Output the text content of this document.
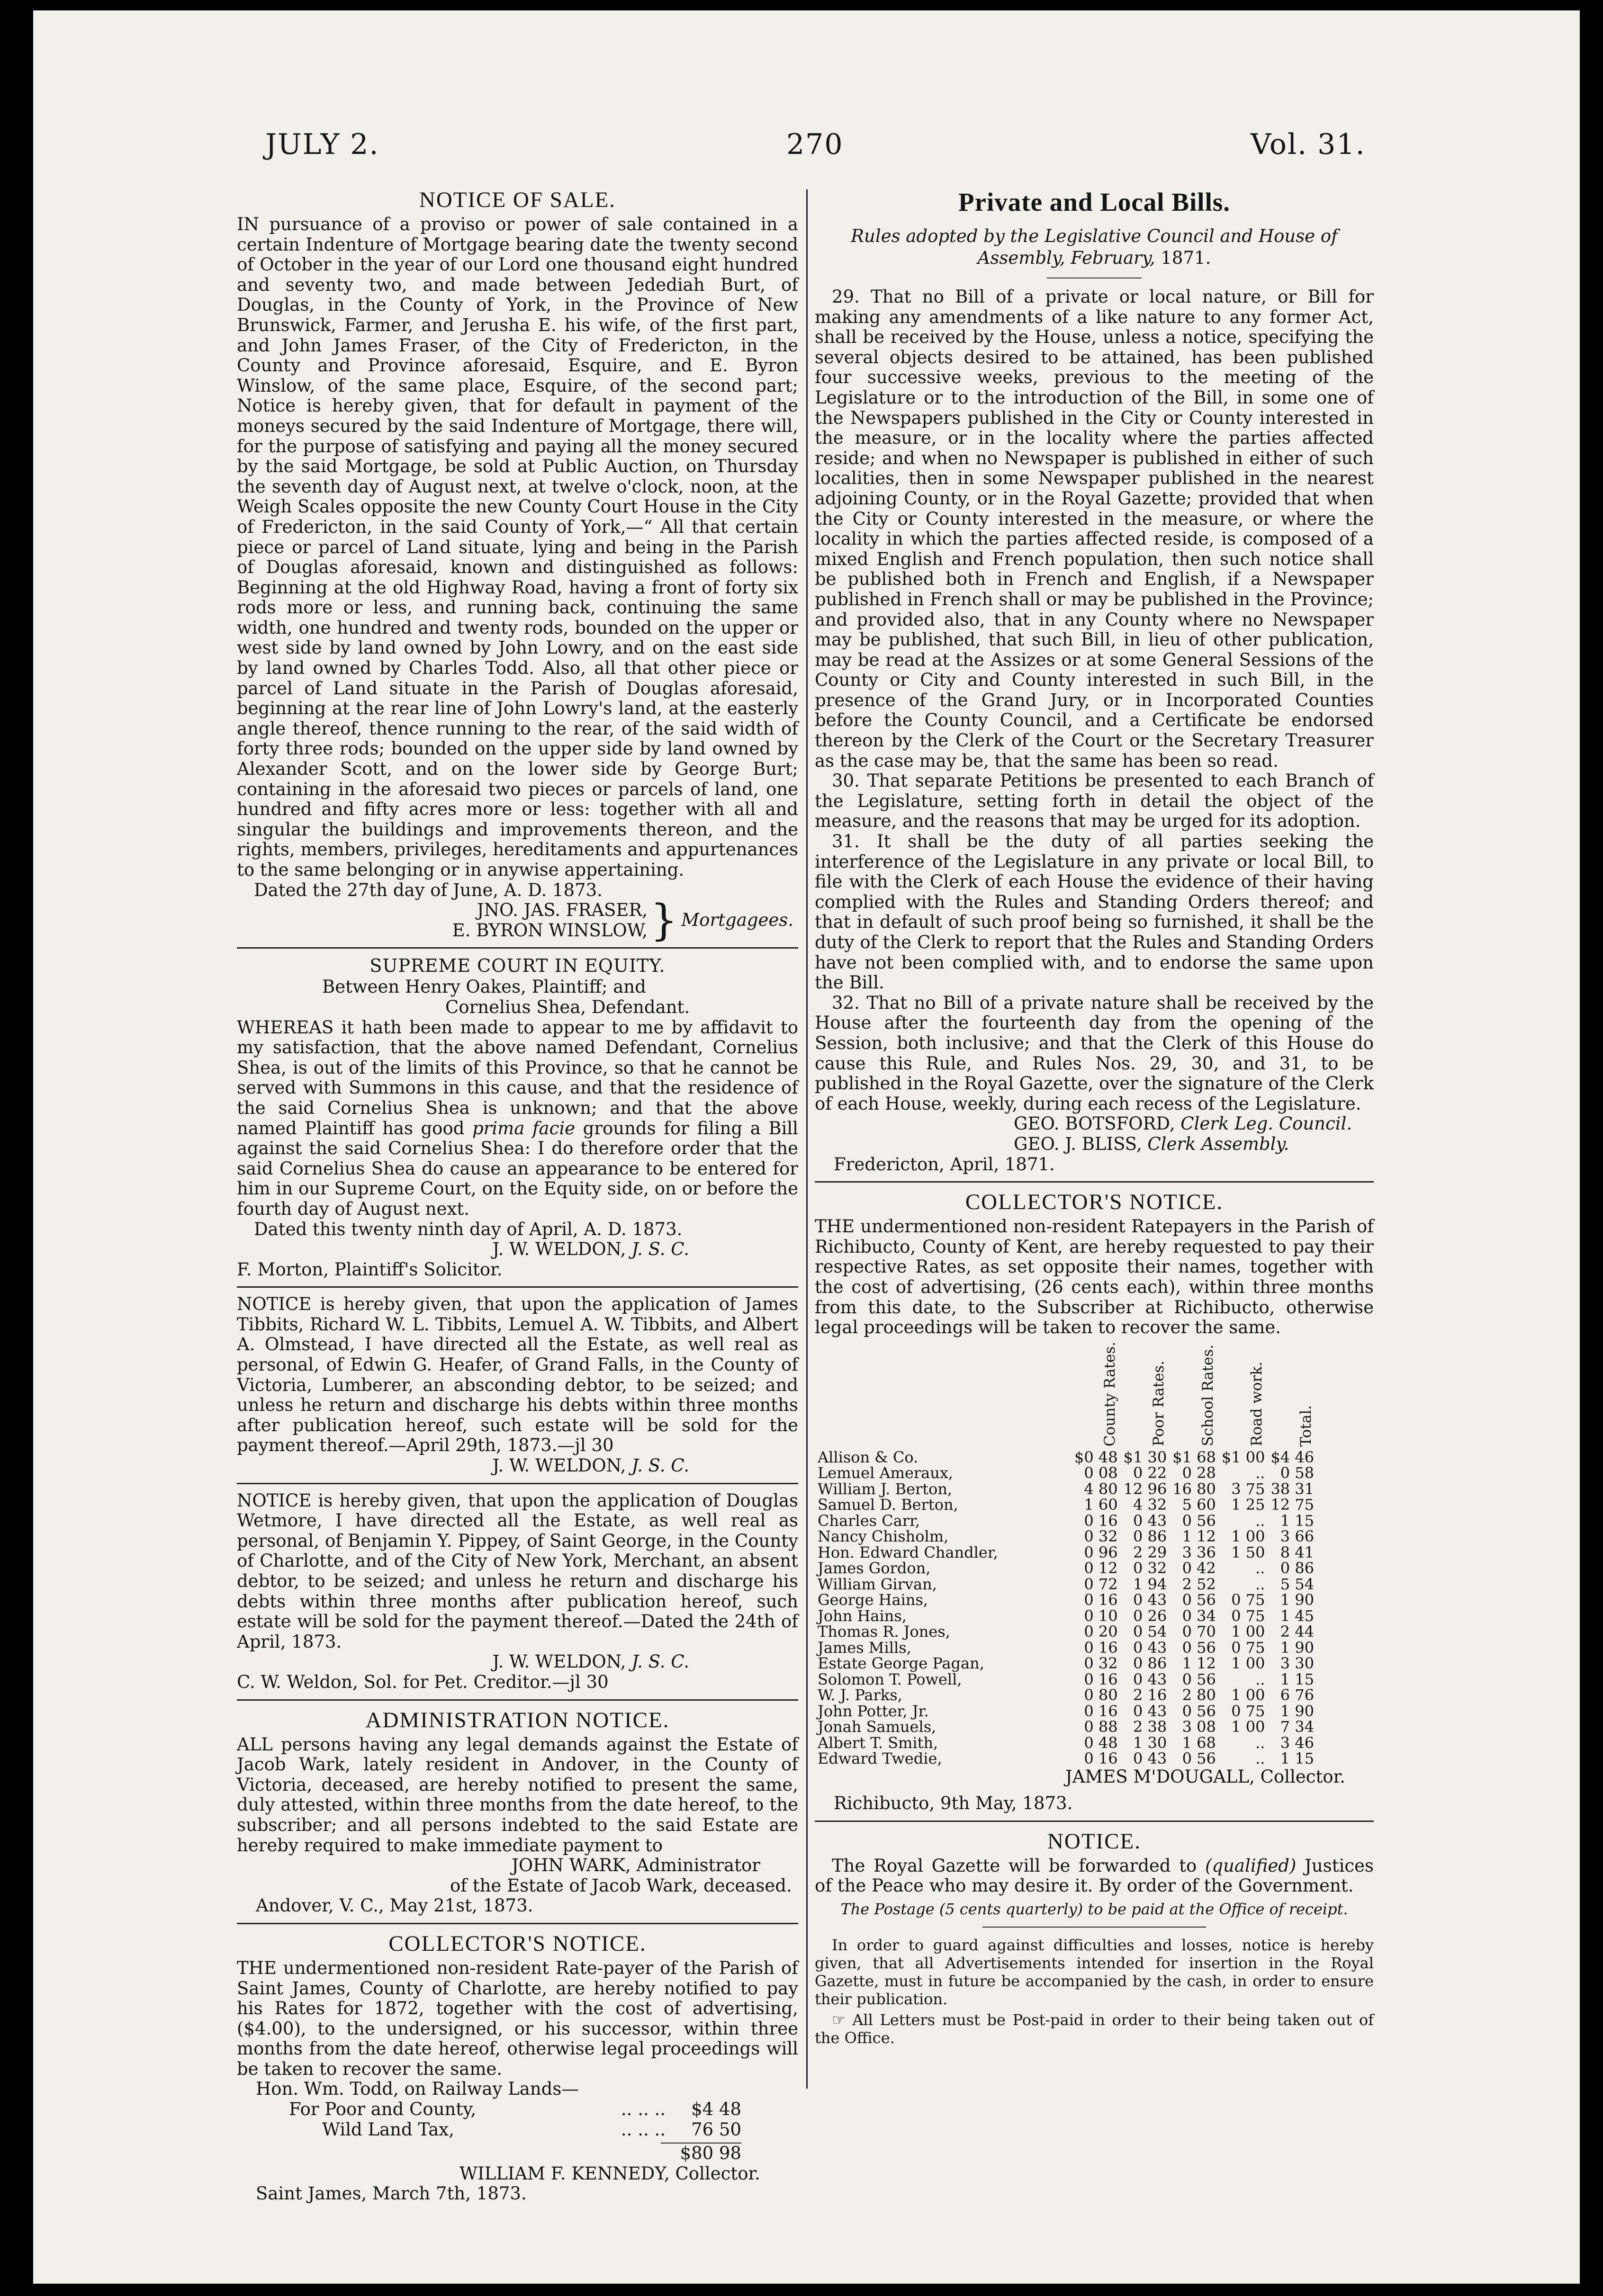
JULY 2.	270	Vol. 31.
NOTICE OF SALE.

IN pursuance of a proviso or power of sale contained in a certain Indenture of Mortgage bearing date the twenty second of October in the year of our Lord one thousand eight hundred and seventy two, and made between Jedediah Burt, of Douglas, in the County of York, in the Province of New Brunswick, Farmer, and Jerusha E. his wife, of the first part, and John James Fraser, of the City of Fredericton, in the County and Province aforesaid, Esquire, and E. Byron Winslow, of the same place, Esquire, of the second part; Notice is hereby given, that for default in payment of the moneys secured by the said Indenture of Mortgage, there will, for the purpose of satisfying and paying all the money secured by the said Mortgage, be sold at Public Auction, on Thursday the seventh day of August next, at twelve o'clock, noon, at the Weigh Scales opposite the new County Court House in the City of Fredericton, in the said County of York,—“ All that certain piece or parcel of Land situate, lying and being in the Parish of Douglas aforesaid, known and distinguished as follows: Beginning at the old Highway Road, having a front of forty six rods more or less, and running back, continuing the same width, one hundred and twenty rods, bounded on the upper or west side by land owned by John Lowry, and on the east side by land owned by Charles Todd. Also, all that other piece or parcel of Land situate in the Parish of Douglas aforesaid, beginning at the rear line of John Lowry's land, at the easterly angle thereof, thence running to the rear, of the said width of forty three rods; bounded on the upper side by land owned by Alexander Scott, and on the lower side by George Burt; containing in the aforesaid two pieces or parcels of land, one hundred and fifty acres more or less: together with all and singular the buildings and improvements thereon, and the rights, members, privileges, hereditaments and appurtenances to the same belonging or in anywise appertaining.

Dated the 27th day of June, A. D. 1873.

JNO. JAS. FRASER,
E. BYRON WINSLOW, } Mortgagees.
SUPREME COURT IN EQUITY.
Between Henry Oakes, Plaintiff; and
Cornelius Shea, Defendant.

WHEREAS it hath been made to appear to me by affidavit to my satisfaction, that the above named Defendant, Cornelius Shea, is out of the limits of this Province, so that he cannot be served with Summons in this cause, and that the residence of the said Cornelius Shea is unknown; and that the above named Plaintiff has good prima facie grounds for filing a Bill against the said Cornelius Shea: I do therefore order that the said Cornelius Shea do cause an appearance to be entered for him in our Supreme Court, on the Equity side, on or before the fourth day of August next.

Dated this twenty ninth day of April, A. D. 1873.

J. W. WELDON, J. S. C.
F. Morton, Plaintiff's Solicitor.

NOTICE is hereby given, that upon the application of James Tibbits, Richard W. L. Tibbits, Lemuel A. W. Tibbits, and Albert A. Olmstead, I have directed all the Estate, as well real as personal, of Edwin G. Heafer, of Grand Falls, in the County of Victoria, Lumberer, an absconding debtor, to be seized; and unless he return and discharge his debts within three months after publication hereof, such estate will be sold for the payment thereof.—April 29th, 1873.—jl 30

J. W. WELDON, J. S. C.

NOTICE is hereby given, that upon the application of Douglas Wetmore, I have directed all the Estate, as well real as personal, of Benjamin Y. Pippey, of Saint George, in the County of Charlotte, and of the City of New York, Merchant, an absent debtor, to be seized; and unless he return and discharge his debts within three months after publication hereof, such estate will be sold for the payment thereof.—Dated the 24th of April, 1873.

J. W. WELDON, J. S. C.
C. W. Weldon, Sol. for Pet. Creditor.—jl 30
ADMINISTRATION NOTICE.

ALL persons having any legal demands against the Estate of Jacob Wark, lately resident in Andover, in the County of Victoria, deceased, are hereby notified to present the same, duly attested, within three months from the date hereof, to the subscriber; and all persons indebted to the said Estate are hereby required to make immediate payment to

JOHN WARK, Administrator
of the Estate of Jacob Wark, deceased.
Andover, V. C., May 21st, 1873.
COLLECTOR'S NOTICE.

THE undermentioned non-resident Rate-payer of the Parish of Saint James, County of Charlotte, are hereby notified to pay his Rates for 1872, together with the cost of advertising, ($4.00), to the undersigned, or his successor, within three months from the date hereof, otherwise legal proceedings will be taken to recover the same.

Hon. Wm. Todd, on Railway Lands—
For Poor and County,	.. .. ..	$4 48
Wild Land Tax,	.. .. ..	76 50
$80 98
WILLIAM F. KENNEDY, Collector.
Saint James, March 7th, 1873.
Private and Local Bills.
Rules adopted by the Legislative Council and House of Assembly, February, 1871.

29. That no Bill of a private or local nature, or Bill for making any amendments of a like nature to any former Act, shall be received by the House, unless a notice, specifying the several objects desired to be attained, has been published four successive weeks, previous to the meeting of the Legislature or to the introduction of the Bill, in some one of the Newspapers published in the City or County interested in the measure, or in the locality where the parties affected reside; and when no Newspaper is published in either of such localities, then in some Newspaper published in the nearest adjoining County, or in the Royal Gazette; provided that when the City or County interested in the measure, or where the locality in which the parties affected reside, is composed of a mixed English and French population, then such notice shall be published both in French and English, if a Newspaper published in French shall or may be published in the Province; and provided also, that in any County where no Newspaper may be published, that such Bill, in lieu of other publication, may be read at the Assizes or at some General Sessions of the County or City and County interested in such Bill, in the presence of the Grand Jury, or in Incorporated Counties before the County Council, and a Certificate be endorsed thereon by the Clerk of the Court or the Secretary Treasurer as the case may be, that the same has been so read.

30. That separate Petitions be presented to each Branch of the Legislature, setting forth in detail the object of the measure, and the reasons that may be urged for its adoption.

31. It shall be the duty of all parties seeking the interference of the Legislature in any private or local Bill, to file with the Clerk of each House the evidence of their having complied with the Rules and Standing Orders thereof; and that in default of such proof being so furnished, it shall be the duty of the Clerk to report that the Rules and Standing Orders have not been complied with, and to endorse the same upon the Bill.

32. That no Bill of a private nature shall be received by the House after the fourteenth day from the opening of the Session, both inclusive; and that the Clerk of this House do cause this Rule, and Rules Nos. 29, 30, and 31, to be published in the Royal Gazette, over the signature of the Clerk of each House, weekly, during each recess of the Legislature.

GEO. BOTSFORD, Clerk Leg. Council.
GEO. J. BLISS, Clerk Assembly.
Fredericton, April, 1871.
COLLECTOR'S NOTICE.

THE undermentioned non-resident Ratepayers in the Parish of Richibucto, County of Kent, are hereby requested to pay their respective Rates, as set opposite their names, together with the cost of advertising, (26 cents each), within three months from this date, to the Subscriber at Richibucto, otherwise legal proceedings will be taken to recover the same.

	County Rates.	Poor Rates.	School Rates.	Road work.	Total.
Allison & Co.	$0 48	$1 30	$1 68	$1 00	$4 46
Lemuel Ameraux,	0 08	0 22	0 28	..	0 58
William J. Berton,	4 80	12 96	16 80	3 75	38 31
Samuel D. Berton,	1 60	4 32	5 60	1 25	12 75
Charles Carr,	0 16	0 43	0 56	..	1 15
Nancy Chisholm,	0 32	0 86	1 12	1 00	3 66
Hon. Edward Chandler,	0 96	2 29	3 36	1 50	8 41
James Gordon,	0 12	0 32	0 42	..	0 86
William Girvan,	0 72	1 94	2 52	..	5 54
George Hains,	0 16	0 43	0 56	0 75	1 90
John Hains,	0 10	0 26	0 34	0 75	1 45
Thomas R. Jones,	0 20	0 54	0 70	1 00	2 44
James Mills,	0 16	0 43	0 56	0 75	1 90
Estate George Pagan,	0 32	0 86	1 12	1 00	3 30
Solomon T. Powell,	0 16	0 43	0 56	..	1 15
W. J. Parks,	0 80	2 16	2 80	1 00	6 76
John Potter, Jr.	0 16	0 43	0 56	0 75	1 90
Jonah Samuels,	0 88	2 38	3 08	1 00	7 34
Albert T. Smith,	0 48	1 30	1 68	..	3 46
Edward Twedie,	0 16	0 43	0 56	..	1 15
JAMES M'DOUGALL, Collector.
Richibucto, 9th May, 1873.
NOTICE.

The Royal Gazette will be forwarded to (qualified) Justices of the Peace who may desire it. By order of the Government.

The Postage (5 cents quarterly) to be paid at the Office of receipt.

In order to guard against difficulties and losses, notice is hereby given, that all Advertisements intended for insertion in the Royal Gazette, must in future be accompanied by the cash, in order to ensure their publication.

☞ All Letters must be Post-paid in order to their being taken out of the Office.
